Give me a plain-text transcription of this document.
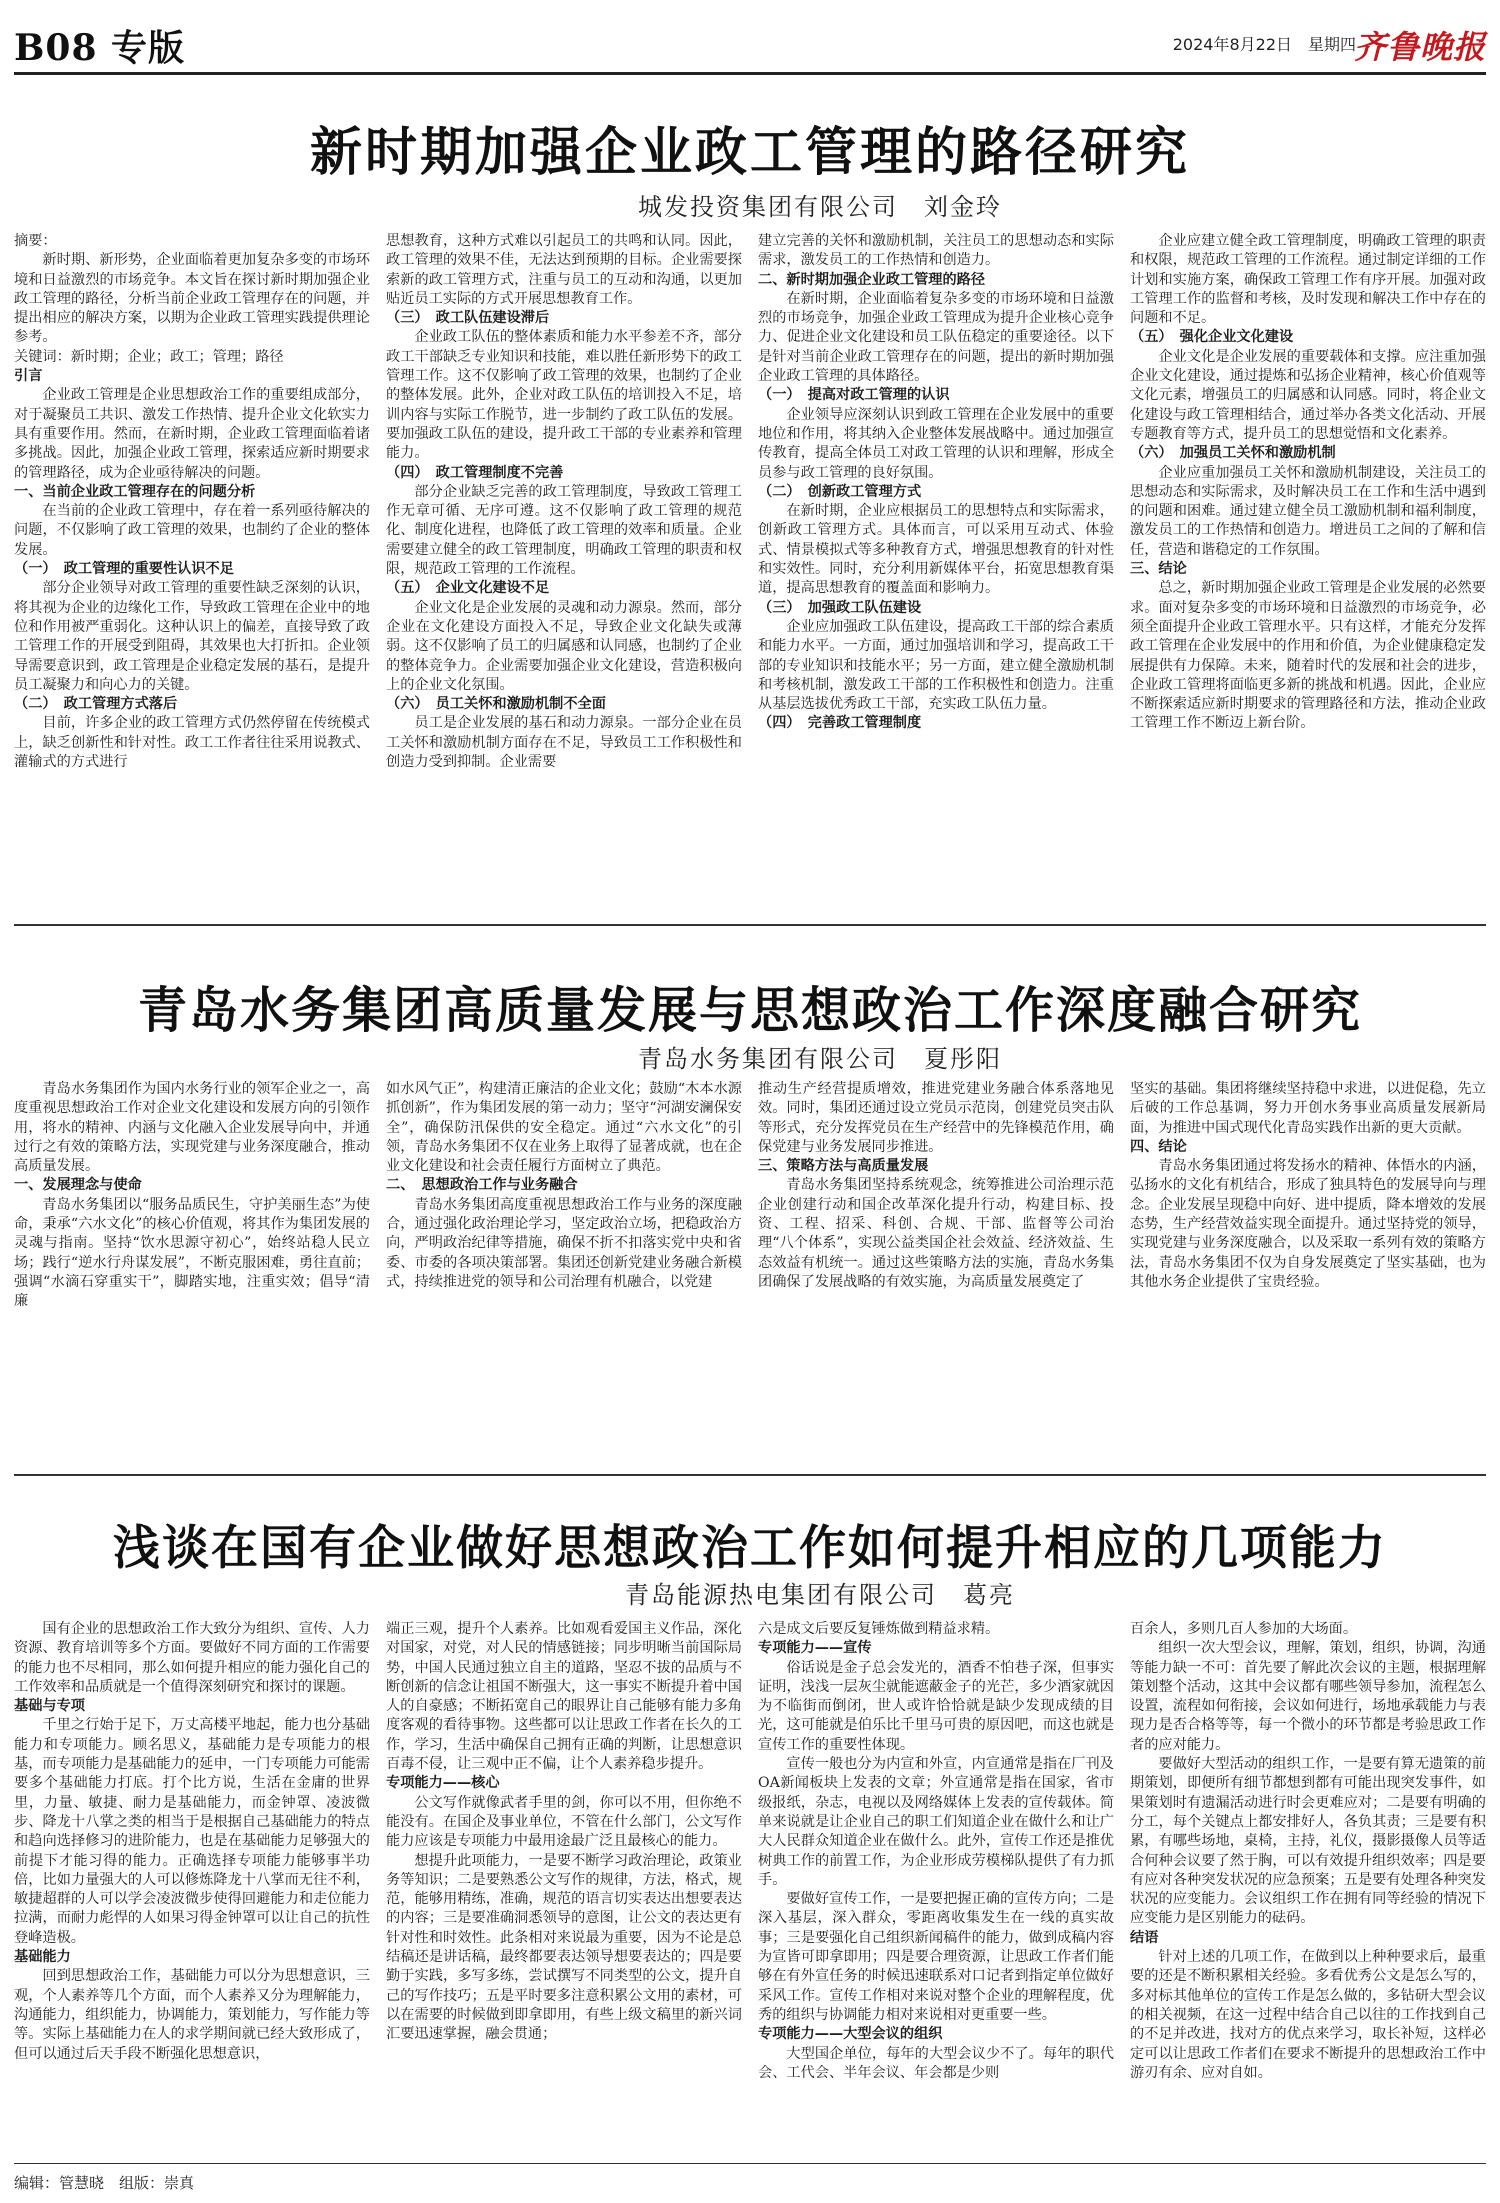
B08 专版	2024年8月22日　星期四
齐鲁晚报
新时期加强企业政工管理的路径研究
城发投资集团有限公司　刘金玲

摘要：

新时期、新形势，企业面临着更加复杂多变的市场环境和日益激烈的市场竞争。本文旨在探讨新时期加强企业政工管理的路径，分析当前企业政工管理存在的问题，并提出相应的解决方案，以期为企业政工管理实践提供理论参考。

关键词：新时期；企业；政工；管理；路径

引言

企业政工管理是企业思想政治工作的重要组成部分，对于凝聚员工共识、激发工作热情、提升企业文化软实力具有重要作用。然而，在新时期，企业政工管理面临着诸多挑战。因此，加强企业政工管理，探索适应新时期要求的管理路径，成为企业亟待解决的问题。

一、当前企业政工管理存在的问题分析

在当前的企业政工管理中，存在着一系列亟待解决的问题，不仅影响了政工管理的效果，也制约了企业的整体发展。

（一）　政工管理的重要性认识不足

部分企业领导对政工管理的重要性缺乏深刻的认识，将其视为企业的边缘化工作，导致政工管理在企业中的地位和作用被严重弱化。这种认识上的偏差，直接导致了政工管理工作的开展受到阻碍，其效果也大打折扣。企业领导需要意识到，政工管理是企业稳定发展的基石，是提升员工凝聚力和向心力的关键。

（二）　政工管理方式落后

目前，许多企业的政工管理方式仍然停留在传统模式上，缺乏创新性和针对性。政工工作者往往采用说教式、灌输式的方式进行

思想教育，这种方式难以引起员工的共鸣和认同。因此，政工管理的效果不佳，无法达到预期的目标。企业需要探索新的政工管理方式，注重与员工的互动和沟通，以更加贴近员工实际的方式开展思想教育工作。

（三）　政工队伍建设滞后

企业政工队伍的整体素质和能力水平参差不齐，部分政工干部缺乏专业知识和技能，难以胜任新形势下的政工管理工作。这不仅影响了政工管理的效果，也制约了企业的整体发展。此外，企业对政工队伍的培训投入不足，培训内容与实际工作脱节，进一步制约了政工队伍的发展。要加强政工队伍的建设，提升政工干部的专业素养和管理能力。

（四）　政工管理制度不完善

部分企业缺乏完善的政工管理制度，导致政工管理工作无章可循、无序可遵。这不仅影响了政工管理的规范化、制度化进程，也降低了政工管理的效率和质量。企业需要建立健全的政工管理制度，明确政工管理的职责和权限，规范政工管理的工作流程。

（五）　企业文化建设不足

企业文化是企业发展的灵魂和动力源泉。然而，部分企业在文化建设方面投入不足，导致企业文化缺失或薄弱。这不仅影响了员工的归属感和认同感，也制约了企业的整体竞争力。企业需要加强企业文化建设，营造积极向上的企业文化氛围。

（六）　员工关怀和激励机制不全面

员工是企业发展的基石和动力源泉。一部分企业在员工关怀和激励机制方面存在不足，导致员工工作积极性和创造力受到抑制。企业需要

建立完善的关怀和激励机制，关注员工的思想动态和实际需求，激发员工的工作热情和创造力。

二、新时期加强企业政工管理的路径

在新时期，企业面临着复杂多变的市场环境和日益激烈的市场竞争，加强企业政工管理成为提升企业核心竞争力、促进企业文化建设和员工队伍稳定的重要途径。以下是针对当前企业政工管理存在的问题，提出的新时期加强企业政工管理的具体路径。

（一）　提高对政工管理的认识

企业领导应深刻认识到政工管理在企业发展中的重要地位和作用，将其纳入企业整体发展战略中。通过加强宣传教育，提高全体员工对政工管理的认识和理解，形成全员参与政工管理的良好氛围。

（二）　创新政工管理方式

在新时期，企业应根据员工的思想特点和实际需求，创新政工管理方式。具体而言，可以采用互动式、体验式、情景模拟式等多种教育方式，增强思想教育的针对性和实效性。同时，充分利用新媒体平台，拓宽思想教育渠道，提高思想教育的覆盖面和影响力。

（三）　加强政工队伍建设

企业应加强政工队伍建设，提高政工干部的综合素质和能力水平。一方面，通过加强培训和学习，提高政工干部的专业知识和技能水平；另一方面，建立健全激励机制和考核机制，激发政工干部的工作积极性和创造力。注重从基层选拔优秀政工干部，充实政工队伍力量。

（四）　完善政工管理制度

企业应建立健全政工管理制度，明确政工管理的职责和权限，规范政工管理的工作流程。通过制定详细的工作计划和实施方案，确保政工管理工作有序开展。加强对政工管理工作的监督和考核，及时发现和解决工作中存在的问题和不足。

（五）　强化企业文化建设

企业文化是企业发展的重要载体和支撑。应注重加强企业文化建设，通过提炼和弘扬企业精神，核心价值观等文化元素，增强员工的归属感和认同感。同时，将企业文化建设与政工管理相结合，通过举办各类文化活动、开展专题教育等方式，提升员工的思想觉悟和文化素养。

（六）　加强员工关怀和激励机制

企业应重加强员工关怀和激励机制建设，关注员工的思想动态和实际需求，及时解决员工在工作和生活中遇到的问题和困难。通过建立健全员工激励机制和福利制度，激发员工的工作热情和创造力。增进员工之间的了解和信任，营造和谐稳定的工作氛围。

三、结论

总之，新时期加强企业政工管理是企业发展的必然要求。面对复杂多变的市场环境和日益激烈的市场竞争，必须全面提升企业政工管理水平。只有这样，才能充分发挥政工管理在企业发展中的作用和价值，为企业健康稳定发展提供有力保障。未来，随着时代的发展和社会的进步，企业政工管理将面临更多新的挑战和机遇。因此，企业应不断探索适应新时期要求的管理路径和方法，推动企业政工管理工作不断迈上新台阶。

青岛水务集团高质量发展与思想政治工作深度融合研究
青岛水务集团有限公司　夏彤阳

青岛水务集团作为国内水务行业的领军企业之一，高度重视思想政治工作对企业文化建设和发展方向的引领作用，将水的精神、内涵与文化融入企业发展导向中，并通过行之有效的策略方法，实现党建与业务深度融合，推动高质量发展。

一、发展理念与使命

青岛水务集团以“服务品质民生，守护美丽生态”为使命，秉承“六水文化”的核心价值观，将其作为集团发展的灵魂与指南。坚持“饮水思源守初心”，始终站稳人民立场；践行“逆水行舟谋发展”，不断克服困难，勇往直前；强调“水滴石穿重实干”，脚踏实地，注重实效；倡导“清廉

如水风气正”，构建清正廉洁的企业文化；鼓励“木本水源抓创新”，作为集团发展的第一动力；坚守“河湖安澜保安全”，确保防汛保供的安全稳定。通过“六水文化”的引领，青岛水务集团不仅在业务上取得了显著成就，也在企业文化建设和社会责任履行方面树立了典范。

二、　思想政治工作与业务融合

青岛水务集团高度重视思想政治工作与业务的深度融合，通过强化政治理论学习，坚定政治立场，把稳政治方向，严明政治纪律等措施，确保不折不扣落实党中央和省委、市委的各项决策部署。集团还创新党建业务融合新模式，持续推进党的领导和公司治理有机融合，以党建

推动生产经营提质增效，推进党建业务融合体系落地见效。同时，集团还通过设立党员示范岗，创建党员突击队等形式，充分发挥党员在生产经营中的先锋模范作用，确保党建与业务发展同步推进。

三、策略方法与高质量发展

青岛水务集团坚持系统观念，统筹推进公司治理示范企业创建行动和国企改革深化提升行动，构建目标、投资、工程、招采、科创、合规、干部、监督等公司治理“八个体系”，实现公益类国企社会效益、经济效益、生态效益有机统一。通过这些策略方法的实施，青岛水务集团确保了发展战略的有效实施，为高质量发展奠定了

坚实的基础。集团将继续坚持稳中求进，以进促稳，先立后破的工作总基调，努力开创水务事业高质量发展新局面，为推进中国式现代化青岛实践作出新的更大贡献。

四、结论

青岛水务集团通过将发扬水的精神、体悟水的内涵，弘扬水的文化有机结合，形成了独具特色的发展导向与理念。企业发展呈现稳中向好、进中提质，降本增效的发展态势，生产经营效益实现全面提升。通过坚持党的领导，实现党建与业务深度融合，以及采取一系列有效的策略方法，青岛水务集团不仅为自身发展奠定了坚实基础，也为其他水务企业提供了宝贵经验。

浅谈在国有企业做好思想政治工作如何提升相应的几项能力
青岛能源热电集团有限公司　葛亮

国有企业的思想政治工作大致分为组织、宣传、人力资源、教育培训等多个方面。要做好不同方面的工作需要的能力也不尽相同，那么如何提升相应的能力强化自己的工作效率和品质就是一个值得深刻研究和探讨的课题。

基础与专项

千里之行始于足下，万丈高楼平地起，能力也分基础能力和专项能力。顾名思义，基础能力是专项能力的根基，而专项能力是基础能力的延申，一门专项能力可能需要多个基础能力打底。打个比方说，生活在金庸的世界里，力量、敏捷、耐力是基础能力，而金钟罩、凌波微步、降龙十八掌之类的相当于是根据自己基础能力的特点和趋向选择修习的进阶能力，也是在基础能力足够强大的前提下才能习得的能力。正确选择专项能力能够事半功倍，比如力量强大的人可以修炼降龙十八掌而无往不利，敏捷超群的人可以学会凌波微步使得回避能力和走位能力拉满，而耐力彪悍的人如果习得金钟罩可以让自己的抗性登峰造极。

基础能力

回到思想政治工作，基础能力可以分为思想意识，三观，个人素养等几个方面，而个人素养又分为理解能力，沟通能力，组织能力，协调能力，策划能力，写作能力等等。实际上基础能力在人的求学期间就已经大致形成了，但可以通过后天手段不断强化思想意识，

端正三观，提升个人素养。比如观看爱国主义作品，深化对国家，对党，对人民的情感链接；同步明晰当前国际局势，中国人民通过独立自主的道路，坚忍不拔的品质与不断创新的信念让祖国不断强大，这一事实不断提升着中国人的自豪感；不断拓宽自己的眼界让自己能够有能力多角度客观的看待事物。这些都可以让思政工作者在长久的工作，学习，生活中确保自己拥有正确的判断，让思想意识百毒不侵，让三观中正不偏，让个人素养稳步提升。

专项能力——核心

公文写作就像武者手里的剑，你可以不用，但你绝不能没有。在国企及事业单位，不管在什么部门，公文写作能力应该是专项能力中最用途最广泛且最核心的能力。

想提升此项能力，一是要不断学习政治理论，政策业务等知识；二是要熟悉公文写作的规律，方法，格式，规范，能够用精练，准确，规范的语言切实表达出想要表达的内容；三是要准确洞悉领导的意图，让公文的表达更有针对性和时效性。此条相对来说最为重要，因为不论是总结稿还是讲话稿，最终都要表达领导想要表达的；四是要勤于实践，多写多练，尝试撰写不同类型的公文，提升自己的写作技巧；五是平时要多注意积累公文用的素材，可以在需要的时候做到即拿即用，有些上级文稿里的新兴词汇要迅速掌握，融会贯通；

六是成文后要反复锤炼做到精益求精。

专项能力——宣传

俗话说是金子总会发光的，酒香不怕巷子深，但事实证明，浅浅一层灰尘就能遮蔽金子的光芒，多少酒家就因为不临街而倒闭，世人或许恰恰就是缺少发现成绩的目光，这可能就是伯乐比千里马可贵的原因吧，而这也就是宣传工作的重要性体现。

宣传一般也分为内宣和外宣，内宣通常是指在厂刊及OA新闻板块上发表的文章；外宣通常是指在国家，省市级报纸，杂志，电视以及网络媒体上发表的宣传载体。简单来说就是让企业自己的职工们知道企业在做什么和让广大人民群众知道企业在做什么。此外，宣传工作还是推优树典工作的前置工作，为企业形成劳模梯队提供了有力抓手。

要做好宣传工作，一是要把握正确的宣传方向；二是深入基层，深入群众，零距离收集发生在一线的真实故事；三是要强化自己组织新闻稿件的能力，做到成稿内容为宣皆可即拿即用；四是要合理资源，让思政工作者们能够在有外宣任务的时候迅速联系对口记者到指定单位做好采风工作。宣传工作相对来说对整个企业的理解程度，优秀的组织与协调能力相对来说相对更重要一些。

专项能力——大型会议的组织

大型国企单位，每年的大型会议少不了。每年的职代会、工代会、半年会议、年会都是少则

百余人，多则几百人参加的大场面。

组织一次大型会议，理解，策划，组织，协调，沟通等能力缺一不可：首先要了解此次会议的主题，根据理解策划整个活动，这其中会议都有哪些领导参加，流程怎么设置，流程如何衔接，会议如何进行，场地承载能力与表现力是否合格等等，每一个微小的环节都是考验思政工作者的应对能力。

要做好大型活动的组织工作，一是要有算无遗策的前期策划，即便所有细节都想到都有可能出现突发事件，如果策划时有遗漏活动进行时会更难应对；二是要有明确的分工，每个关键点上都安排好人，各负其责；三是要有积累，有哪些场地，桌椅，主持，礼仪，摄影摄像人员等适合何种会议要了然于胸，可以有效提升组织效率；四是要有应对各种突发状况的应急预案；五是要有处理各种突发状况的应变能力。会议组织工作在拥有同等经验的情况下应变能力是区别能力的砝码。

结语

针对上述的几项工作，在做到以上种种要求后，最重要的还是不断积累相关经验。多看优秀公文是怎么写的，多对标其他单位的宣传工作是怎么做的，多钻研大型会议的相关视频，在这一过程中结合自己以往的工作找到自己的不足并改进，找对方的优点来学习，取长补短，这样必定可以让思政工作者们在要求不断提升的思想政治工作中游刃有余、应对自如。

编辑：管慧晓　组版：崇真
